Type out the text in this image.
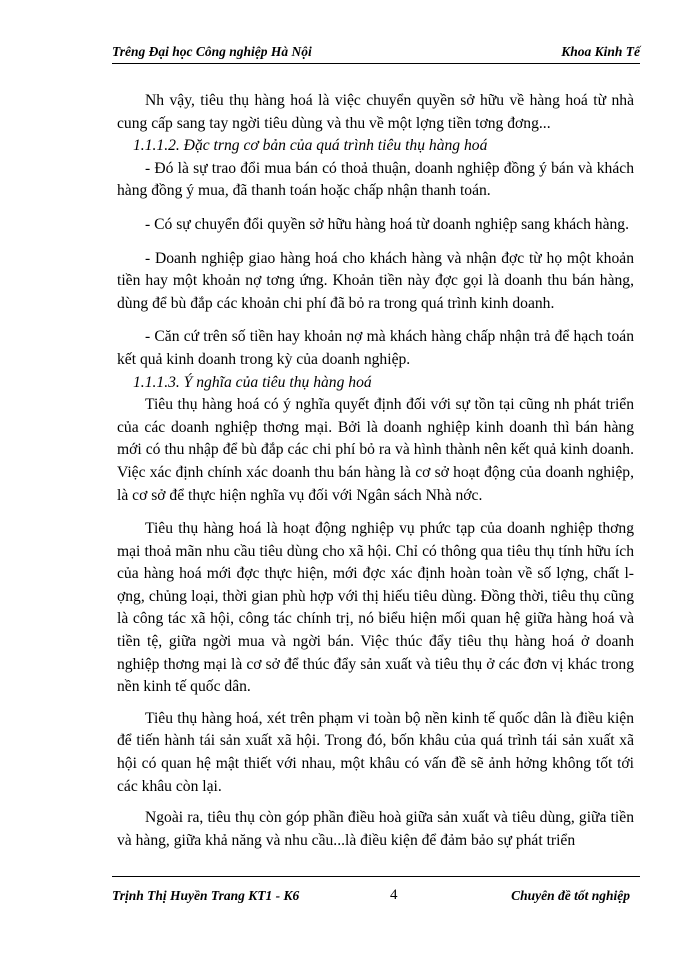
Trêng Đại học Công nghiệp Hà Nội	Khoa Kinh Tế

Nh vậy, tiêu thụ hàng hoá là việc chuyển quyền sở hữu về hàng hoá từ nhà cung cấp sang tay ngời tiêu dùng và thu về một lợng tiền tơng đơng...

1.1.1.2. Đặc trng cơ bản của quá trình tiêu thụ hàng hoá

- Đó là sự trao đổi mua bán có thoả thuận, doanh nghiệp đồng ý bán và khách hàng đồng ý mua, đã thanh toán hoặc chấp nhận thanh toán.

- Có sự chuyển đổi quyền sở hữu hàng hoá từ doanh nghiệp sang khách hàng.

- Doanh nghiệp giao hàng hoá cho khách hàng và nhận đợc từ họ một khoản tiền hay một khoản nợ tơng ứng. Khoản tiền này đợc gọi là doanh thu bán hàng, dùng để bù đắp các khoản chi phí đã bỏ ra trong quá trình kinh doanh.

- Căn cứ trên số tiền hay khoản nợ mà khách hàng chấp nhận trả để hạch toán kết quả kinh doanh trong kỳ của doanh nghiệp.

1.1.1.3. Ý nghĩa của tiêu thụ hàng hoá

Tiêu thụ hàng hoá có ý nghĩa quyết định đối với sự tồn tại cũng nh phát triển của các doanh nghiệp thơng mại. Bởi là doanh nghiệp kinh doanh thì bán hàng mới có thu nhập để bù đắp các chi phí bỏ ra và hình thành nên kết quả kinh doanh. Việc xác định chính xác doanh thu bán hàng là cơ sở hoạt động của doanh nghiệp, là cơ sở để thực hiện nghĩa vụ đối với Ngân sách Nhà nớc.

Tiêu thụ hàng hoá là hoạt động nghiệp vụ phức tạp của doanh nghiệp thơng mại thoả mãn nhu cầu tiêu dùng cho xã hội. Chỉ có thông qua tiêu thụ tính hữu ích của hàng hoá mới đợc thực hiện, mới đợc xác định hoàn toàn về số lợng, chất lợng, chủng loại, thời gian phù hợp với thị hiếu tiêu dùng. Đồng thời, tiêu thụ cũng là công tác xã hội, công tác chính trị, nó biểu hiện mối quan hệ giữa hàng hoá và tiền tệ, giữa ngời mua và ngời bán. Việc thúc đẩy tiêu thụ hàng hoá ở doanh nghiệp thơng mại là cơ sở để thúc đẩy sản xuất và tiêu thụ ở các đơn vị khác trong nền kinh tế quốc dân.

Tiêu thụ hàng hoá, xét trên phạm vi toàn bộ nền kinh tế quốc dân là điều kiện để tiến hành tái sản xuất xã hội. Trong đó, bốn khâu của quá trình tái sản xuất xã hội có quan hệ mật thiết với nhau, một khâu có vấn đề sẽ ảnh hởng không tốt tới các khâu còn lại.

Ngoài ra, tiêu thụ còn góp phần điều hoà giữa sản xuất và tiêu dùng, giữa tiền và hàng, giữa khả năng và nhu cầu...là điều kiện để đảm bảo sự phát triển

Trịnh Thị Huyền Trang KT1 - K6	4	Chuyên đề tốt nghiệp
